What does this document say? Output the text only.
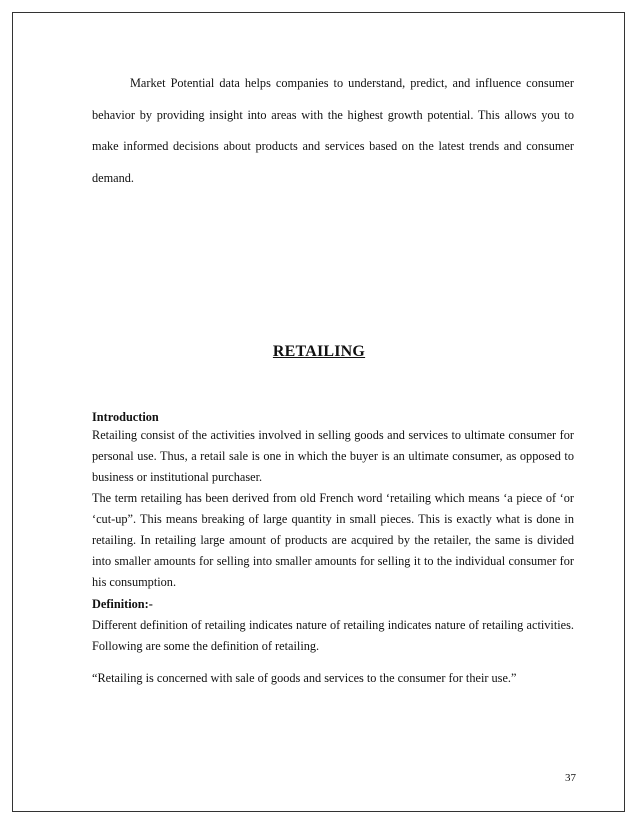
Market Potential data helps companies to understand, predict, and influence consumer behavior by providing insight into areas with the highest growth potential. This allows you to make informed decisions about products and services based on the latest trends and consumer demand.

RETAILING
Introduction

Retailing consist of the activities involved in selling goods and services to ultimate consumer for personal use. Thus, a retail sale is one in which the buyer is an ultimate consumer, as opposed to business or institutional purchaser.

The term retailing has been derived from old French word ‘retailing which means ‘a piece of ‘or ‘cut-up”. This means breaking of large quantity in small pieces. This is exactly what is done in retailing. In retailing large amount of products are acquired by the retailer, the same is divided into smaller amounts for selling into smaller amounts for selling it to the individual consumer for his consumption.

Definition:-

Different definition of retailing indicates nature of retailing indicates nature of retailing activities. Following are some the definition of retailing.

“Retailing is concerned with sale of goods and services to the consumer for their use.”

37
